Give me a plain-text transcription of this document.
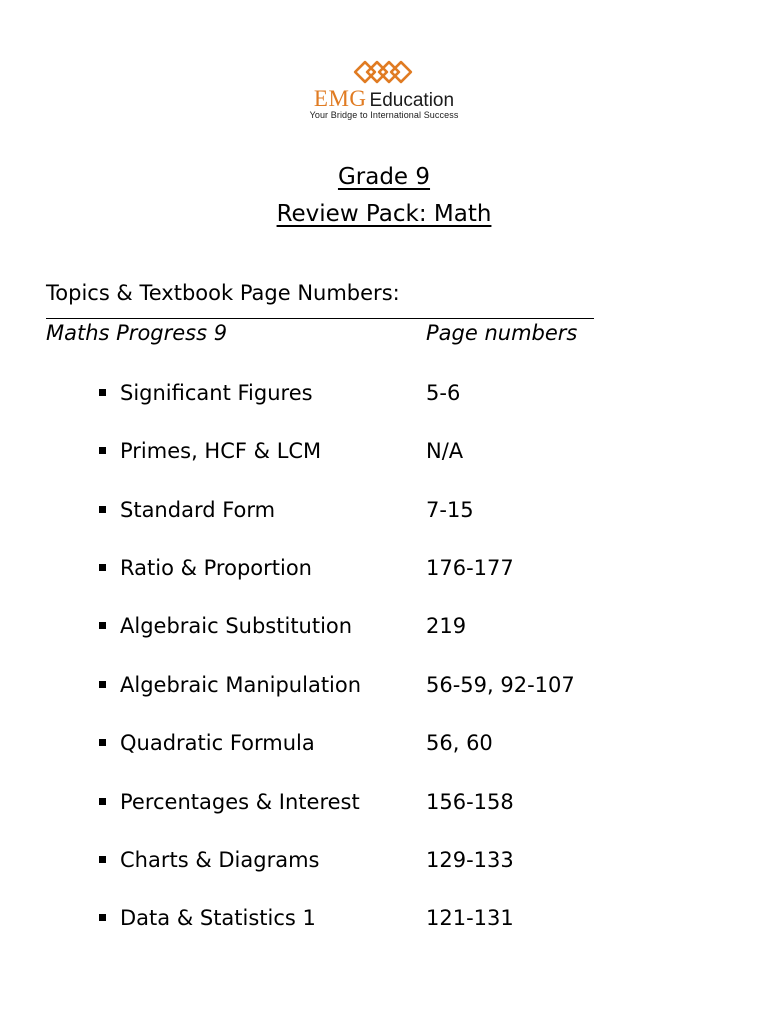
EMG Education
Your Bridge to International Success
Grade 9
Review Pack: Math
Topics & Textbook Page Numbers:
Maths Progress 9	Page numbers
Significant Figures	5-6
Primes, HCF & LCM	N/A
Standard Form	7-15
Ratio & Proportion	176-177
Algebraic Substitution	219
Algebraic Manipulation	56-59, 92-107
Quadratic Formula	56, 60
Percentages & Interest	156-158
Charts & Diagrams	129-133
Data & Statistics 1	121-131
